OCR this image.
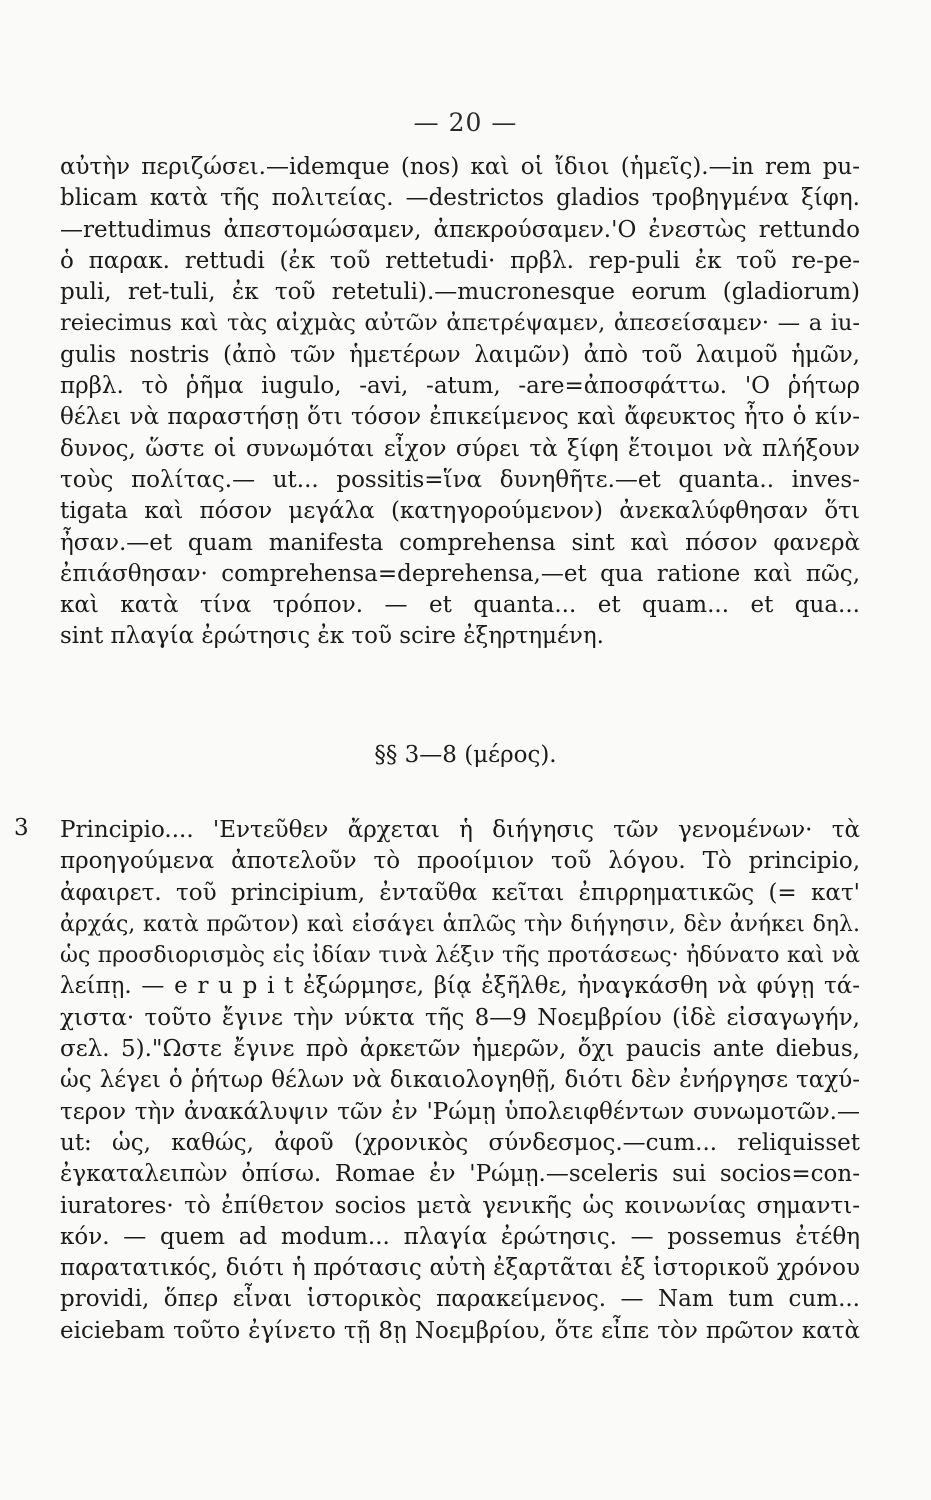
— 20 —
αὐτὴν περιζώσει.—idemque (nos) καὶ οἱ ἴδιοι (ἡμεῖς).—in rem pu-
blicam κατὰ τῆς πολιτείας. —destrictos gladios τροβηγμένα ξίφη.
—rettudimus ἀπεστομώσαμεν, ἀπεκρούσαμεν.'Ο ἐνεστὼς rettundo
ὁ παρακ. rettudi (ἐκ τοῦ rettetudi· πρβλ. rep-puli ἐκ τοῦ re-pe-
puli, ret-tuli, ἐκ τοῦ retetuli).—mucronesque eorum (gladiorum)
reiecimus καὶ τὰς αἰχμὰς αὐτῶν ἀπετρέψαμεν, ἀπεσείσαμεν· — a iu-
gulis nostris (ἀπὸ τῶν ἡμετέρων λαιμῶν) ἀπὸ τοῦ λαιμοῦ ἡμῶν,
πρβλ. τὸ ῥῆμα iugulo, -avi, -atum, -are=ἀποσφάττω. 'Ο ῥήτωρ
θέλει νὰ παραστήσῃ ὅτι τόσον ἐπικείμενος καὶ ἄφευκτος ἦτο ὁ κίν-
δυνος, ὥστε οἱ συνωμόται εἶχον σύρει τὰ ξίφη ἕτοιμοι νὰ πλήξουν
τοὺς πολίτας.— ut... possitis=ἵνα δυνηθῆτε.—et quanta.. inves-
tigata καὶ πόσον μεγάλα (κατηγορούμενον) ἀνεκαλύφθησαν ὅτι
ἦσαν.—et quam manifesta comprehensa sint καὶ πόσον φανερὰ
ἐπιάσθησαν· comprehensa=deprehensa,—et qua ratione καὶ πῶς,
καὶ κατὰ τίνα τρόπον. — et quanta... et quam... et qua...
sint πλαγία ἐρώτησις ἐκ τοῦ scire ἐξηρτημένη.
§§ 3—8 (μέρος).
3 Principio.... 'Εντεῦθεν ἄρχεται ἡ διήγησις τῶν γενομένων· τὰ
προηγούμενα ἀποτελοῦν τὸ προοίμιον τοῦ λόγου. Τὸ principio,
ἀφαιρετ. τοῦ principium, ἐνταῦθα κεῖται ἐπιρρηματικῶς (= κατ'
ἀρχάς, κατὰ πρῶτον) καὶ εἰσάγει ἁπλῶς τὴν διήγησιν, δὲν ἀνήκει δηλ.
ὡς προσδιορισμὸς εἰς ἰδίαν τινὰ λέξιν τῆς προτάσεως· ἠδύνατο καὶ νὰ
λείπῃ. — e r u p i t ἐξώρμησε, βίᾳ ἐξῆλθε, ἠναγκάσθη νὰ φύγῃ τά-
χιστα· τοῦτο ἔγινε τὴν νύκτα τῆς 8—9 Νοεμβρίου (ἰδὲ εἰσαγωγήν,
σελ. 5)."Ωστε ἔγινε πρὸ ἀρκετῶν ἡμερῶν, ὄχι paucis ante diebus,
ὡς λέγει ὁ ῥήτωρ θέλων νὰ δικαιολογηθῇ, διότι δὲν ἐνήργησε ταχύ-
τερον τὴν ἀνακάλυψιν τῶν ἐν 'Ρώμῃ ὑπολειφθέντων συνωμοτῶν.—
ut: ὡς, καθώς, ἀφοῦ (χρονικὸς σύνδεσμος.—cum... reliquisset
ἐγκαταλειπὼν ὀπίσω. Romae ἐν 'Ρώμῃ.—sceleris sui socios=con-
iuratores· τὸ ἐπίθετον socios μετὰ γενικῆς ὡς κοινωνίας σημαντι-
κόν. — quem ad modum... πλαγία ἐρώτησις. — possemus ἐτέθη
παρατατικός, διότι ἡ πρότασις αὐτὴ ἐξαρτᾶται ἐξ ἱστορικοῦ χρόνου
providi, ὅπερ εἶναι ἱστορικὸς παρακείμενος. — Nam tum cum...
eiciebam τοῦτο ἐγίνετο τῇ 8ῃ Νοεμβρίου, ὅτε εἶπε τὸν πρῶτον κατὰ
